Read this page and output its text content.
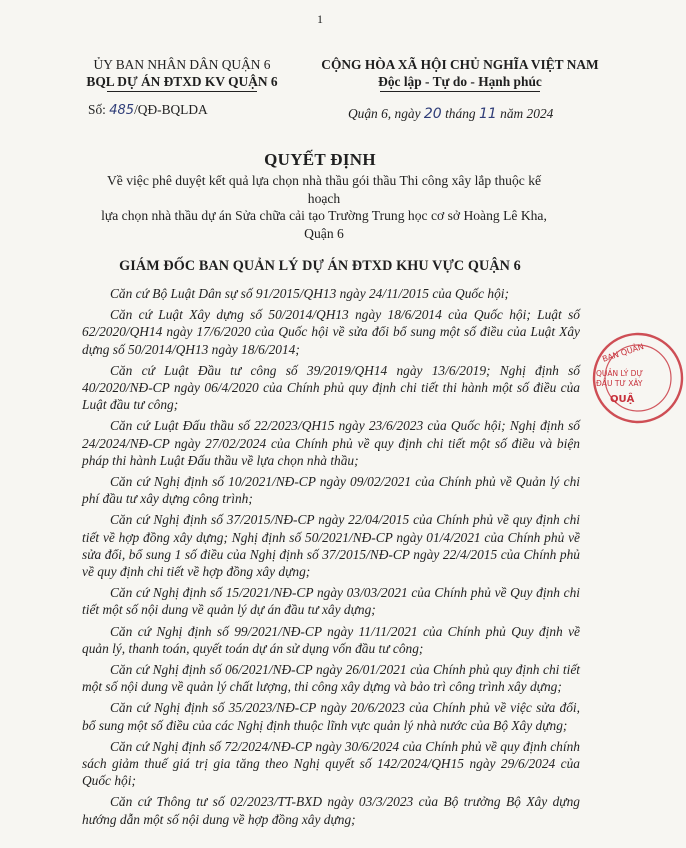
1
ỦY BAN NHÂN DÂN QUẬN 6
BQL DỰ ÁN ĐTXD KV QUẬN 6
Số: 485/QĐ-BQLDA
CỘNG HÒA XÃ HỘI CHỦ NGHĨA VIỆT NAM
Độc lập - Tự do - Hạnh phúc
Quận 6, ngày 20 tháng 11 năm 2024
QUYẾT ĐỊNH
Về việc phê duyệt kết quả lựa chọn nhà thầu gói thầu Thi công xây lắp thuộc kế hoạch
lựa chọn nhà thầu dự án Sửa chữa cải tạo Trường Trung học cơ sở Hoàng Lê Kha,
Quận 6
GIÁM ĐỐC BAN QUẢN LÝ DỰ ÁN ĐTXD KHU VỰC QUẬN 6

Căn cứ Bộ Luật Dân sự số 91/2015/QH13 ngày 24/11/2015 của Quốc hội;

Căn cứ Luật Xây dựng số 50/2014/QH13 ngày 18/6/2014 của Quốc hội; Luật số 62/2020/QH14 ngày 17/6/2020 của Quốc hội về sửa đổi bổ sung một số điều của Luật Xây dựng số 50/2014/QH13 ngày 18/6/2014;

Căn cứ Luật Đầu tư công số 39/2019/QH14 ngày 13/6/2019; Nghị định số 40/2020/NĐ-CP ngày 06/4/2020 của Chính phủ quy định chi tiết thi hành một số điều của Luật đầu tư công;

Căn cứ Luật Đấu thầu số 22/2023/QH15 ngày 23/6/2023 của Quốc hội; Nghị định số 24/2024/NĐ-CP ngày 27/02/2024 của Chính phủ về quy định chi tiết một số điều và biện pháp thi hành Luật Đấu thầu về lựa chọn nhà thầu;

Căn cứ Nghị định số 10/2021/NĐ-CP ngày 09/02/2021 của Chính phủ về Quản lý chi phí đầu tư xây dựng công trình;

Căn cứ Nghị định số 37/2015/NĐ-CP ngày 22/04/2015 của Chính phủ về quy định chi tiết về hợp đồng xây dựng; Nghị định số 50/2021/NĐ-CP ngày 01/4/2021 của Chính phủ về sửa đổi, bổ sung 1 số điều của Nghị định số 37/2015/NĐ-CP ngày 22/4/2015 của Chính phủ về quy định chi tiết về hợp đồng xây dựng;

Căn cứ Nghị định số 15/2021/NĐ-CP ngày 03/03/2021 của Chính phủ về Quy định chi tiết một số nội dung về quản lý dự án đầu tư xây dựng;

Căn cứ Nghị định số 99/2021/NĐ-CP ngày 11/11/2021 của Chính phủ Quy định về quản lý, thanh toán, quyết toán dự án sử dụng vốn đầu tư công;

Căn cứ Nghị định số 06/2021/NĐ-CP ngày 26/01/2021 của Chính phủ quy định chi tiết một số nội dung về quản lý chất lượng, thi công xây dựng và bảo trì công trình xây dựng;

Căn cứ Nghị định số 35/2023/NĐ-CP ngày 20/6/2023 của Chính phủ về việc sửa đổi, bổ sung một số điều của các Nghị định thuộc lĩnh vực quản lý nhà nước của Bộ Xây dựng;

Căn cứ Nghị định số 72/2024/NĐ-CP ngày 30/6/2024 của Chính phủ về quy định chính sách giảm thuế giá trị gia tăng theo Nghị quyết số 142/2024/QH15 ngày 29/6/2024 của Quốc hội;

Căn cứ Thông tư số 02/2023/TT-BXD ngày 03/3/2023 của Bộ trưởng Bộ Xây dựng hướng dẫn một số nội dung về hợp đồng xây dựng;

BAN QUẢN
QUẢN LÝ DỰ
ĐẦU TƯ XÂY
QUẬ
